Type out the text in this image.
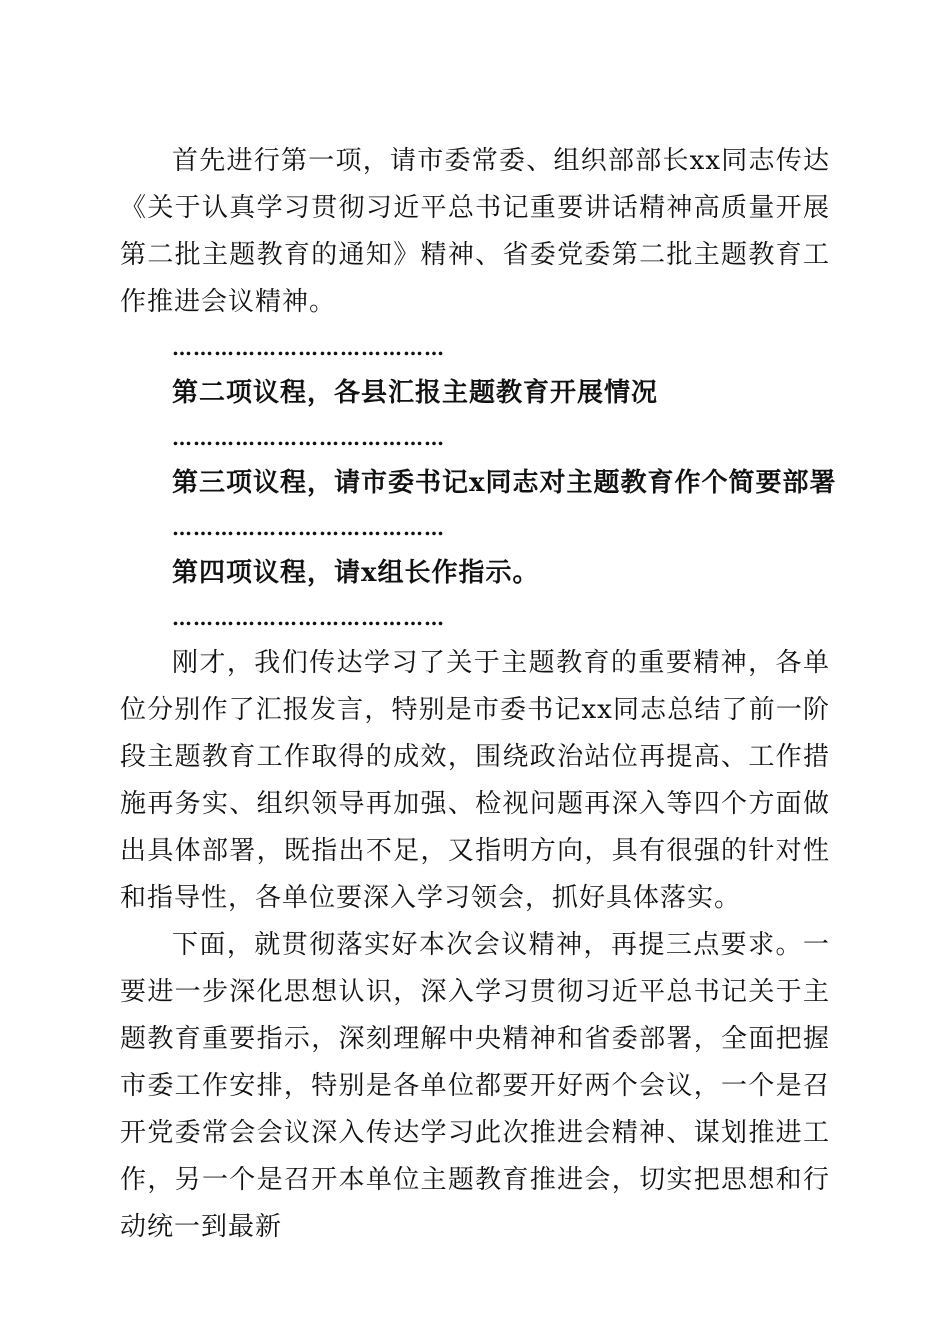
首先进行第一项，请市委常委、组织部部长xx同志传达《关于认真学习贯彻习近平总书记重要讲话精神高质量开展第二批主题教育的通知》精神、省委党委第二批主题教育工作推进会议精神。

…………………………………

第二项议程，各县汇报主题教育开展情况

…………………………………

第三项议程，请市委书记x同志对主题教育作个简要部署

…………………………………

第四项议程，请x组长作指示。

…………………………………

刚才，我们传达学习了关于主题教育的重要精神，各单位分别作了汇报发言，特别是市委书记xx同志总结了前一阶段主题教育工作取得的成效，围绕政治站位再提高、工作措施再务实、组织领导再加强、检视问题再深入等四个方面做出具体部署，既指出不足，又指明方向，具有很强的针对性和指导性，各单位要深入学习领会，抓好具体落实。

下面，就贯彻落实好本次会议精神，再提三点要求。一要进一步深化思想认识，深入学习贯彻习近平总书记关于主题教育重要指示，深刻理解中央精神和省委部署，全面把握市委工作安排，特别是各单位都要开好两个会议，一个是召开党委常会会议深入传达学习此次推进会精神、谋划推进工作，另一个是召开本单位主题教育推进会，切实把思想和行动统一到最新
